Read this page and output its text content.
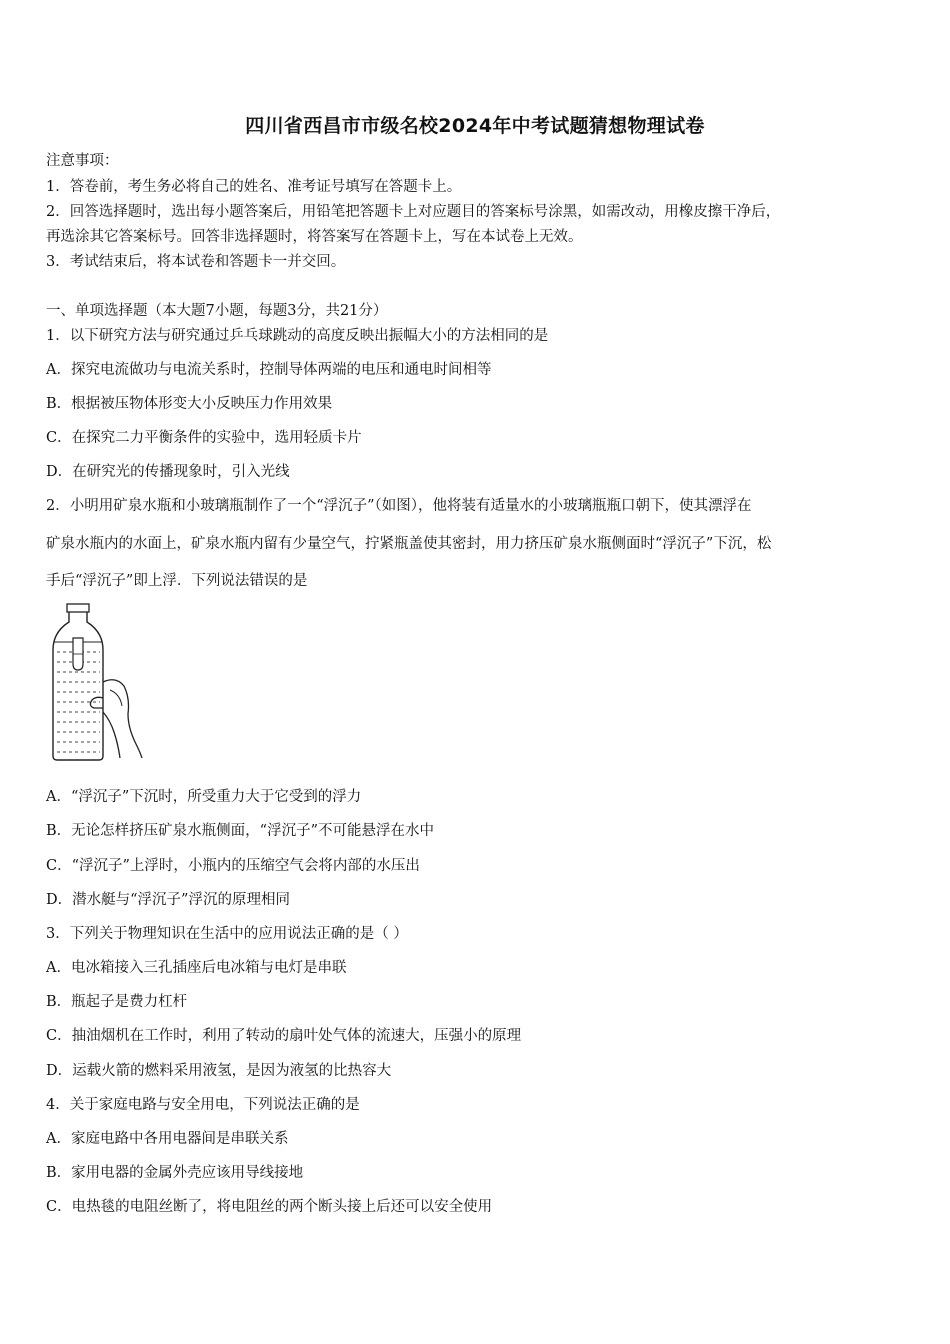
四川省西昌市市级名校2024年中考试题猜想物理试卷
注意事项：
1．答卷前，考生务必将自己的姓名、准考证号填写在答题卡上。
2．回答选择题时，选出每小题答案后，用铅笔把答题卡上对应题目的答案标号涂黑，如需改动，用橡皮擦干净后，
再选涂其它答案标号。回答非选择题时，将答案写在答题卡上，写在本试卷上无效。
3．考试结束后，将本试卷和答题卡一并交回。
一、单项选择题（本大题7小题，每题3分，共21分）
1．以下研究方法与研究通过乒乓球跳动的高度反映出振幅大小的方法相同的是
A．探究电流做功与电流关系时，控制导体两端的电压和通电时间相等
B．根据被压物体形变大小反映压力作用效果
C．在探究二力平衡条件的实验中，选用轻质卡片
D．在研究光的传播现象时，引入光线
2．小明用矿泉水瓶和小玻璃瓶制作了一个“浮沉子”（如图），他将装有适量水的小玻璃瓶瓶口朝下，使其漂浮在
矿泉水瓶内的水面上，矿泉水瓶内留有少量空气，拧紧瓶盖使其密封，用力挤压矿泉水瓶侧面时“浮沉子”下沉，松
手后“浮沉子”即上浮．下列说法错误的是
A．“浮沉子”下沉时，所受重力大于它受到的浮力
B．无论怎样挤压矿泉水瓶侧面，“浮沉子”不可能悬浮在水中
C．“浮沉子”上浮时，小瓶内的压缩空气会将内部的水压出
D．潜水艇与“浮沉子”浮沉的原理相同
3．下列关于物理知识在生活中的应用说法正确的是（ ）
A．电冰箱接入三孔插座后电冰箱与电灯是串联
B．瓶起子是费力杠杆
C．抽油烟机在工作时，利用了转动的扇叶处气体的流速大，压强小的原理
D．运载火箭的燃料采用液氢，是因为液氢的比热容大
4．关于家庭电路与安全用电，下列说法正确的是
A．家庭电路中各用电器间是串联关系
B．家用电器的金属外壳应该用导线接地
C．电热毯的电阻丝断了，将电阻丝的两个断头接上后还可以安全使用
